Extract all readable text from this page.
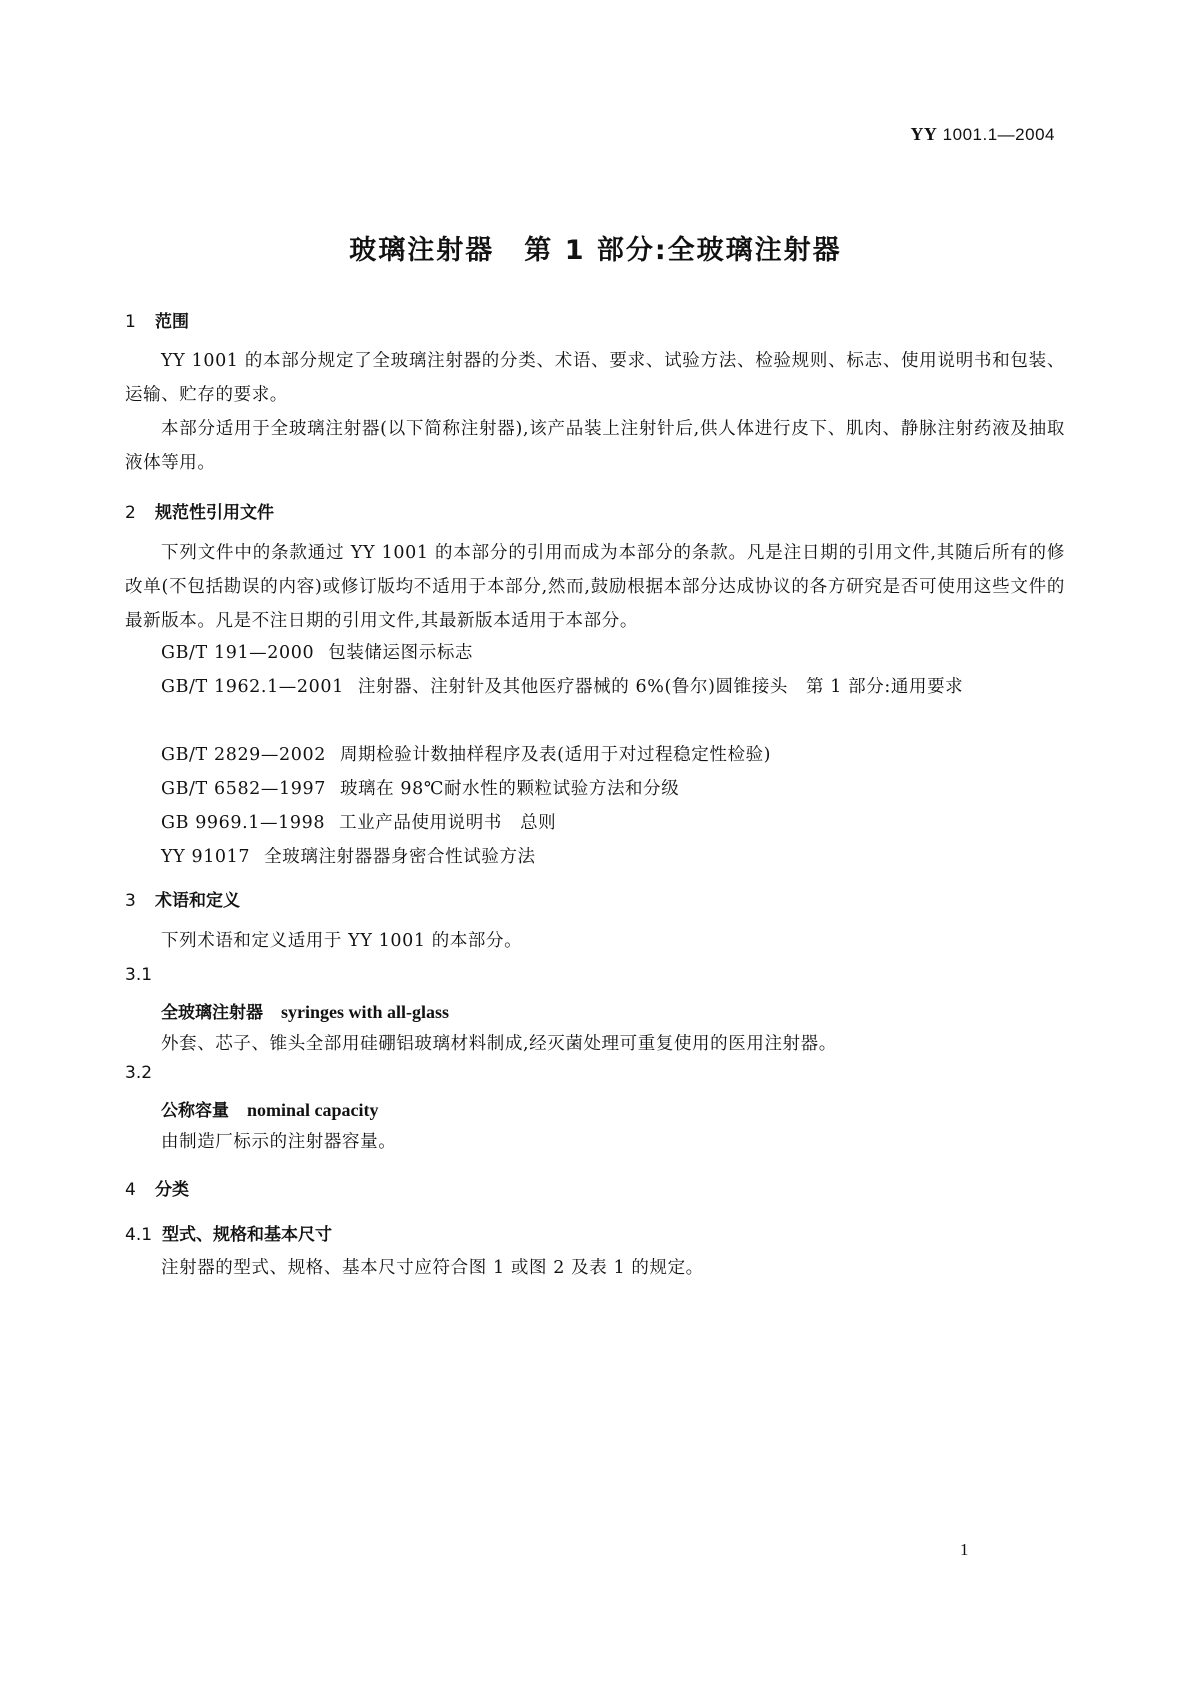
YY 1001.1—2004
玻璃注射器 第 1 部分:全玻璃注射器
1 范围
YY 1001 的本部分规定了全玻璃注射器的分类、术语、要求、试验方法、检验规则、标志、使用说明书和包装、运输、贮存的要求。
本部分适用于全玻璃注射器(以下简称注射器),该产品装上注射针后,供人体进行皮下、肌肉、静脉注射药液及抽取液体等用。
2 规范性引用文件
下列文件中的条款通过 YY 1001 的本部分的引用而成为本部分的条款。凡是注日期的引用文件,其随后所有的修改单(不包括勘误的内容)或修订版均不适用于本部分,然而,鼓励根据本部分达成协议的各方研究是否可使用这些文件的最新版本。凡是不注日期的引用文件,其最新版本适用于本部分。
GB/T 191—2000 包装储运图示标志
GB/T 1962.1—2001 注射器、注射针及其他医疗器械的 6%(鲁尔)圆锥接头　第 1 部分:通用要求
GB/T 2829—2002 周期检验计数抽样程序及表(适用于对过程稳定性检验)
GB/T 6582—1997 玻璃在 98℃耐水性的颗粒试验方法和分级
GB 9969.1—1998 工业产品使用说明书　总则
YY 91017 全玻璃注射器器身密合性试验方法
3 术语和定义
下列术语和定义适用于 YY 1001 的本部分。
3.1
全玻璃注射器 syringes with all-glass
外套、芯子、锥头全部用硅硼铝玻璃材料制成,经灭菌处理可重复使用的医用注射器。
3.2
公称容量 nominal capacity
由制造厂标示的注射器容量。
4 分类
4.1 型式、规格和基本尺寸
注射器的型式、规格、基本尺寸应符合图 1 或图 2 及表 1 的规定。
1
